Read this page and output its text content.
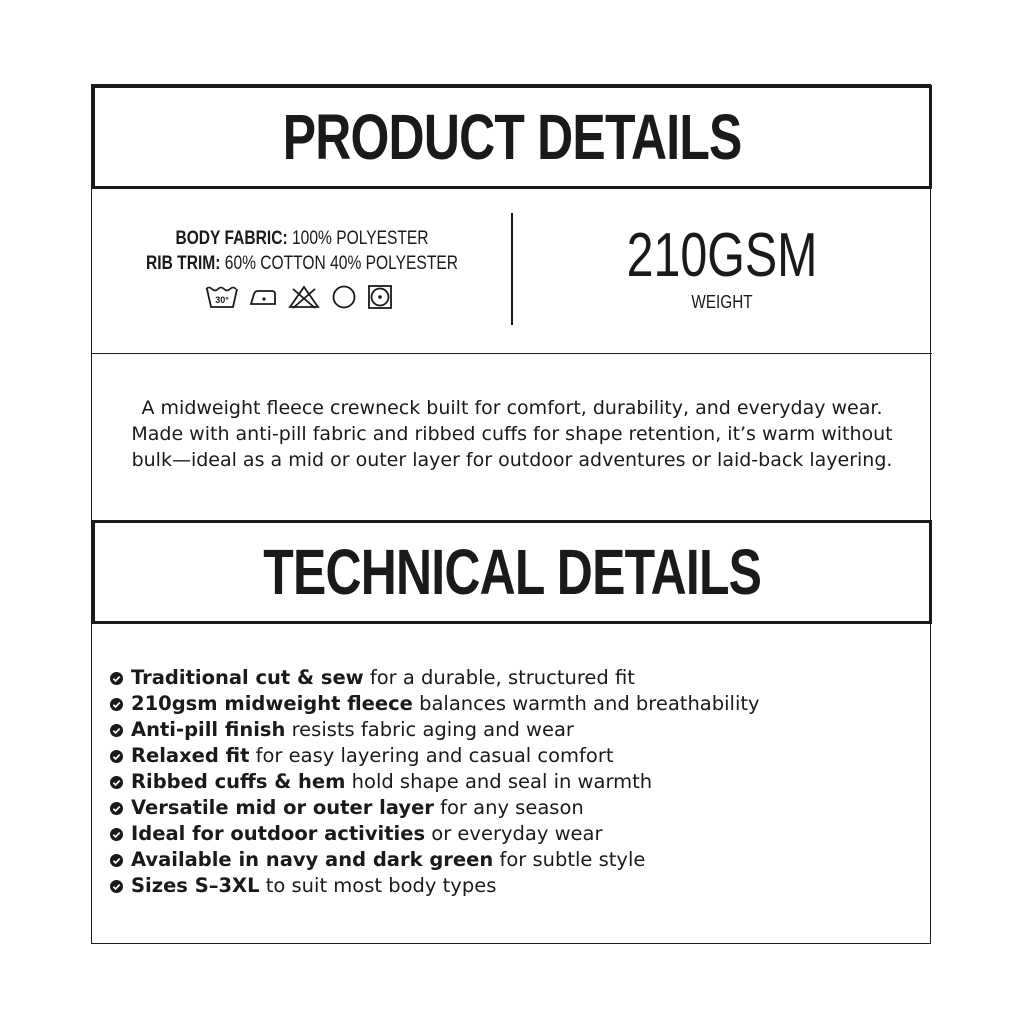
PRODUCT DETAILS
BODY FABRIC: 100% POLYESTER
RIB TRIM: 60% COTTON 40% POLYESTER
30°
210GSM
WEIGHT

A midweight fleece crewneck built for comfort, durability, and everyday wear.

Made with anti-pill fabric and ribbed cuffs for shape retention, it’s warm without

bulk—ideal as a mid or outer layer for outdoor adventures or laid-back layering.

TECHNICAL DETAILS
Traditional cut & sew for a durable, structured fit
210gsm midweight fleece balances warmth and breathability
Anti-pill finish resists fabric aging and wear
Relaxed fit for easy layering and casual comfort
Ribbed cuffs & hem hold shape and seal in warmth
Versatile mid or outer layer for any season
Ideal for outdoor activities or everyday wear
Available in navy and dark green for subtle style
Sizes S–3XL to suit most body types
